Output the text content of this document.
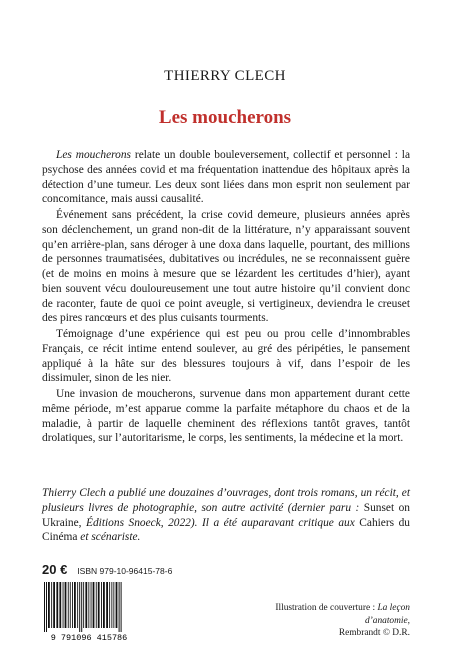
THIERRY CLECH
Les moucherons

Les moucherons relate un double bouleversement, collectif et personnel : la psychose des années covid et ma fréquentation inattendue des hôpitaux après la détection d’une tumeur. Les deux sont liées dans mon esprit non seulement par concomitance, mais aussi causalité.

Événement sans précédent, la crise covid demeure, plusieurs années après son déclenchement, un grand non-dit de la littérature, n’y apparaissant souvent qu’en arrière-plan, sans déroger à une doxa dans laquelle, pourtant, des millions de personnes traumatisées, dubitatives ou incrédules, ne se reconnaissent guère (et de moins en moins à mesure que se lézardent les certitudes d’hier), ayant bien souvent vécu douloureusement une tout autre histoire qu’il convient donc de raconter, faute de quoi ce point aveugle, si vertigineux, deviendra le creuset des pires rancœurs et des plus cuisants tourments.

Témoignage d’une expérience qui est peu ou prou celle d’innombrables Français, ce récit intime entend soulever, au gré des péripéties, le pansement appliqué à la hâte sur des blessures toujours à vif, dans l’espoir de les dissimuler, sinon de les nier.

Une invasion de moucherons, survenue dans mon appartement durant cette même période, m’est apparue comme la parfaite métaphore du chaos et de la maladie, à partir de laquelle cheminent des réflexions tantôt graves, tantôt drolatiques, sur l’autoritarisme, le corps, les sentiments, la médecine et la mort.

Thierry Clech a publié une douzaines d’ouvrages, dont trois romans, un récit, et plusieurs livres de photographie, son autre activité (dernier paru : Sunset on Ukraine, Éditions Snoeck, 2022). Il a été auparavant critique aux Cahiers du Cinéma et scénariste.
20 € ISBN 979-10-96415-78-6
9 791096 415786
Illustration de couverture : La leçon d’anatomie,
Rembrandt © D.R.
